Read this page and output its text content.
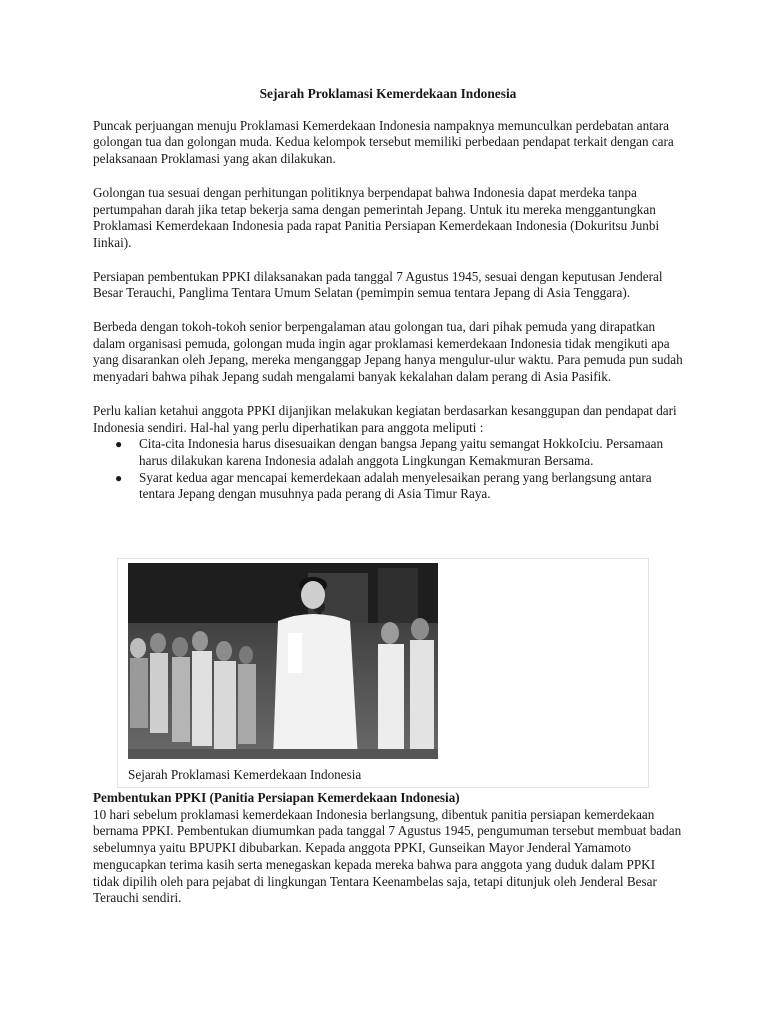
Sejarah Proklamasi Kemerdekaan Indonesia

Puncak perjuangan menuju Proklamasi Kemerdekaan Indonesia nampaknya memunculkan perdebatan antara golongan tua dan golongan muda. Kedua kelompok tersebut memiliki perbedaan pendapat terkait dengan cara pelaksanaan Proklamasi yang akan dilakukan.

Golongan tua sesuai dengan perhitungan politiknya berpendapat bahwa Indonesia dapat merdeka tanpa pertumpahan darah jika tetap bekerja sama dengan pemerintah Jepang. Untuk itu mereka menggantungkan Proklamasi Kemerdekaan Indonesia pada rapat Panitia Persiapan Kemerdekaan Indonesia (Dokuritsu Junbi Iinkai).

Persiapan pembentukan PPKI dilaksanakan pada tanggal 7 Agustus 1945, sesuai dengan keputusan Jenderal Besar Terauchi, Panglima Tentara Umum Selatan (pemimpin semua tentara Jepang di Asia Tenggara).

Berbeda dengan tokoh-tokoh senior berpengalaman atau golongan tua, dari pihak pemuda yang dirapatkan dalam organisasi pemuda, golongan muda ingin agar proklamasi kemerdekaan Indonesia tidak mengikuti apa yang disarankan oleh Jepang, mereka menganggap Jepang hanya mengulur-ulur waktu. Para pemuda pun sudah menyadari bahwa pihak Jepang sudah mengalami banyak kekalahan dalam perang di Asia Pasifik.

Perlu kalian ketahui anggota PPKI dijanjikan melakukan kegiatan berdasarkan kesanggupan dan pendapat dari Indonesia sendiri. Hal-hal yang perlu diperhatikan para anggota meliputi :

● Cita-cita Indonesia harus disesuaikan dengan bangsa Jepang yaitu semangat HokkoIciu. Persamaan harus dilakukan karena Indonesia adalah anggota Lingkungan Kemakmuran Bersama.
● Syarat kedua agar mencapai kemerdekaan adalah menyelesaikan perang yang berlangsung antara tentara Jepang dengan musuhnya pada perang di Asia Timur Raya.
Sejarah Proklamasi Kemerdekaan Indonesia
Pembentukan PPKI (Panitia Persiapan Kemerdekaan Indonesia)

10 hari sebelum proklamasi kemerdekaan Indonesia berlangsung, dibentuk panitia persiapan kemerdekaan bernama PPKI. Pembentukan diumumkan pada tanggal 7 Agustus 1945, pengumuman tersebut membuat badan sebelumnya yaitu BPUPKI dibubarkan. Kepada anggota PPKI, Gunseikan Mayor Jenderal Yamamoto mengucapkan terima kasih serta menegaskan kepada mereka bahwa para anggota yang duduk dalam PPKI tidak dipilih oleh para pejabat di lingkungan Tentara Keenambelas saja, tetapi ditunjuk oleh Jenderal Besar Terauchi sendiri.
